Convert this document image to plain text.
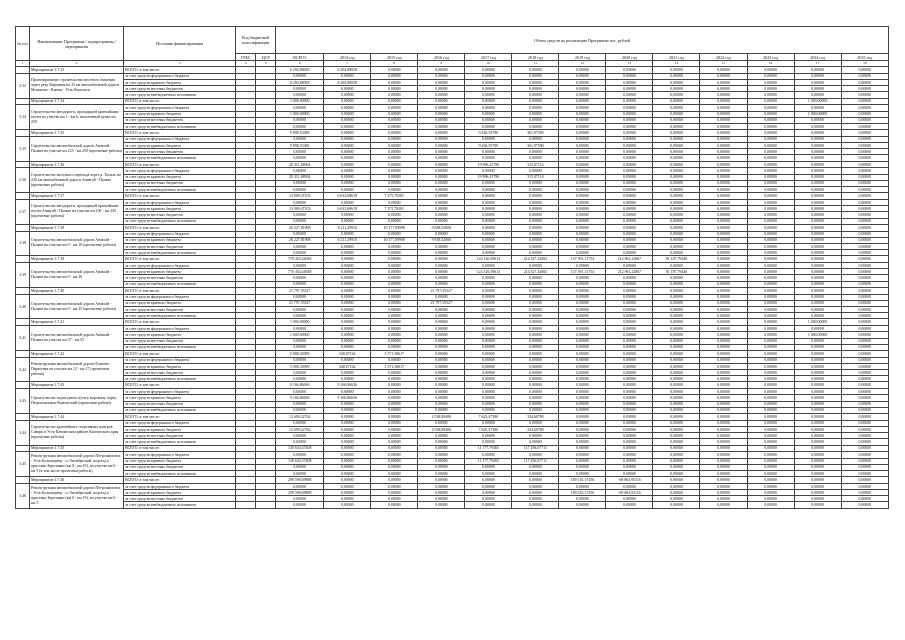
№ п/п	Наименование Программы / подпрограммы / мероприятия	Источник финансирования	Код бюджетной классификации		Объем средств на реализацию Программы тыс. рублей												
			ГРБС	ЦСР	ВСЕГО	2014 год	2015 год	2016 год	2017 год	2018 год	2019 год	2020 год	2021 год	2022 год	2023 год	2024 год	2025 год
1	2	3	4	5	6	7	8	9	10	11	12	13	14	15	16	17	18
	Мероприятие 1.7.32	ВСЕГО, в том числе:			6 294,88058	6 294,88058	0,00000	0,00000	0,00000	0,00000	0,00000	0,00000	0,00000	0,00000	0,00000	0,00000	0,00000
3.32	Проектирование строительства местного значения через реку Кирганик на 35 км автомобильной дороги Мильково - Ключи - Усть-Камчатск	за счет средств федерального бюджета			0,00000	0,00000	0,00000	0,00000	0,00000	0,00000	0,00000	0,00000	0,00000	0,00000	0,00000	0,00000	0,00000
		за счет средств краевого бюджета			6 294,88058	6 294,88058	0,00000	0,00000	0,00000	0,00000	0,00000	0,00000	0,00000	0,00000	0,00000	0,00000	0,00000
		за счет средств местных бюджетов			0,00000	0,00000	0,00000	0,00000	0,00000	0,00000	0,00000	0,00000	0,00000	0,00000	0,00000	0,00000	0,00000
		за счет средств внебюджетных источников			0,00000	0,00000	0,00000	0,00000	0,00000	0,00000	0,00000	0,00000	0,00000	0,00000	0,00000	0,00000	0,00000
	Мероприятие 1.7.34	ВСЕГО, в том числе:			1 000,00000	0,00000	0,00000	0,00000	0,00000	0,00000	0,00000	0,00000	0,00000	0,00000	0,00000	1 000,00000	0,00000
3.34	Строительство автодороги, проходящей кратчайшим путем на участке км 1 - км 6, населенный пункт км 250	за счет средств федерального бюджета			0,00000	0,00000	0,00000	0,00000	0,00000	0,00000	0,00000	0,00000	0,00000	0,00000	0,00000	0,00000	0,00000
		за счет средств краевого бюджета			1 000,00000	0,00000	0,00000	0,00000	0,00000	0,00000	0,00000	0,00000	0,00000	0,00000	0,00000	1 000,00000	0,00000
		за счет средств местных бюджетов			0,00000	0,00000	0,00000	0,00000	0,00000	0,00000	0,00000	0,00000	0,00000	0,00000	0,00000	0,00000	0,00000
		за счет средств внебюджетных источников			0,00000	0,00000	0,00000	0,00000	0,00000	0,00000	0,00000	0,00000	0,00000	0,00000	0,00000	0,00000	0,00000
	Мероприятие 1.7.35	ВСЕГО, в том числе:			9 898,53380	0,00000	0,00000	0,00000	9 436,55790	361,97590	0,00000	0,00000	0,00000	0,00000	0,00000	0,00000	0,00000
3.35	Строительство автомобильной дороги Анавгай - Палана на участке км 225 - км 250 (проектные работы)	за счет средств федерального бюджета			0,00000	0,00000	0,00000	0,00000	0,00000	0,00000	0,00000	0,00000	0,00000	0,00000	0,00000	0,00000	0,00000
		за счет средств краевого бюджета			9 898,53380	0,00000	0,00000	0,00000	9 436,55790	361,97590	0,00000	0,00000	0,00000	0,00000	0,00000	0,00000	0,00000
		за счет средств местных бюджетов			0,00000	0,00000	0,00000	0,00000	0,00000	0,00000	0,00000	0,00000	0,00000	0,00000	0,00000	0,00000	0,00000
		за счет средств внебюджетных источников			0,00000	0,00000	0,00000	0,00000	0,00000	0,00000	0,00000	0,00000	0,00000	0,00000	0,00000	0,00000	0,00000
	Мероприятие 1.7.36	ВСЕГО, в том числе:			20 311,48904	0,00000	0,00000	0,00000	19 996,41790	315,07114	0,00000	0,00000	0,00000	0,00000	0,00000	0,00000	0,00000
3.36	Строительство мостового перехода через р. Тигиль на 226 км автомобильной дороги Анавгай - Палана (проектные работы)	за счет средств федерального бюджета			0,00000	0,00000	0,00000	0,00000	0,00000	0,00000	0,00000	0,00000	0,00000	0,00000	0,00000	0,00000	0,00000
		за счет средств краевого бюджета			20 311,48904	0,00000	0,00000	0,00000	19 996,41790	315,07114	0,00000	0,00000	0,00000	0,00000	0,00000	0,00000	0,00000
		за счет средств местных бюджетов			0,00000	0,00000	0,00000	0,00000	0,00000	0,00000	0,00000	0,00000	0,00000	0,00000	0,00000	0,00000	0,00000
		за счет средств внебюджетных источников			0,00000	0,00000	0,00000	0,00000	0,00000	0,00000	0,00000	0,00000	0,00000	0,00000	0,00000	0,00000	0,00000
	Мероприятие 1.7.37	ВСЕГО, в том числе:			13 909,47103	6 633,68619	7 275,78281	0,00000	0,00000	0,00000	0,00000	0,00000	0,00000	0,00000	0,00000	0,00000	0,00000
3.37	Строительство автодороги, проходящей кратчайшим путем Анавгай - Палана на участке км 230 - км 245 (проектные работы)	за счет средств федерального бюджета			0,00000	0,00000	0,00000	0,00000	0,00000	0,00000	0,00000	0,00000	0,00000	0,00000	0,00000	0,00000	0,00000
		за счет средств краевого бюджета			13 909,47103	6 633,68619	7 275,78281	0,00000	0,00000	0,00000	0,00000	0,00000	0,00000	0,00000	0,00000	0,00000	0,00000
		за счет средств местных бюджетов			0,00000	0,00000	0,00000	0,00000	0,00000	0,00000	0,00000	0,00000	0,00000	0,00000	0,00000	0,00000	0,00000
		за счет средств внебюджетных источников			0,00000	0,00000	0,00000	0,00000	0,00000	0,00000	0,00000	0,00000	0,00000	0,00000	0,00000	0,00000	0,00000
	Мероприятие 1.7.38	ВСЕГО, в том числе:			26 227,81908	6 211,29910	10 177,09998	9 838,52000	0,00000	0,00000	0,00000	0,00000	0,00000	0,00000	0,00000	0,00000	0,00000
3.38	Строительство автомобильной дороги Анавгай - Палана на участке км 0 - км 10 (проектные работы)	за счет средств федерального бюджета			0,00000	0,00000	0,00000	0,00000	0,00000	0,00000	0,00000	0,00000	0,00000	0,00000	0,00000	0,00000	0,00000
		за счет средств краевого бюджета			26 227,81908	6 211,29910	10 177,09998	9 838,52000	0,00000	0,00000	0,00000	0,00000	0,00000	0,00000	0,00000	0,00000	0,00000
		за счет средств местных бюджетов			0,00000	0,00000	0,00000	0,00000	0,00000	0,00000	0,00000	0,00000	0,00000	0,00000	0,00000	0,00000	0,00000
		за счет средств внебюджетных источников			0,00000	0,00000	0,00000	0,00000	0,00000	0,00000	0,00000	0,00000	0,00000	0,00000	0,00000	0,00000	0,00000
	Мероприятие 1.7.39	ВСЕГО, в том числе:			770 454,44948	0,00000	0,00000	0,00000	124 126,59613	214 327,32082	137 391,11754	212 961,22867	81 187,79440	0,00000	0,00000	0,00000	0,00000
3.39	Строительство автомобильной дороги Анавгай - Палана на участке км 0 - км 36	за счет средств федерального бюджета			0,00000	0,00000	0,00000	0,00000	0,00000	0,00000	0,00000	0,00000	0,00000	0,00000	0,00000	0,00000	0,00000
		за счет средств краевого бюджета			770 454,44948	0,00000	0,00000	0,00000	124 126,59613	214 327,32082	137 391,11754	212 961,22867	81 187,79440	0,00000	0,00000	0,00000	0,00000
		за счет средств местных бюджетов			0,00000	0,00000	0,00000	0,00000	0,00000	0,00000	0,00000	0,00000	0,00000	0,00000	0,00000	0,00000	0,00000
		за счет средств внебюджетных источников			0,00000	0,00000	0,00000	0,00000	0,00000	0,00000	0,00000	0,00000	0,00000	0,00000	0,00000	0,00000	0,00000
	Мероприятие 1.7.40	ВСЕГО, в том числе:			21 797,55527	0,00000	0,00000	21 797,55527	0,00000	0,00000	0,00000	0,00000	0,00000	0,00000	0,00000	0,00000	0,00000
3.40	Строительство автомобильной дороги Анавгай - Палана на участке км 0 - км 35 (проектные работы)	за счет средств федерального бюджета			0,00000	0,00000	0,00000	0,00000	0,00000	0,00000	0,00000	0,00000	0,00000	0,00000	0,00000	0,00000	0,00000
		за счет средств краевого бюджета			21 797,55527	0,00000	0,00000	21 797,55527	0,00000	0,00000	0,00000	0,00000	0,00000	0,00000	0,00000	0,00000	0,00000
		за счет средств местных бюджетов			0,00000	0,00000	0,00000	0,00000	0,00000	0,00000	0,00000	0,00000	0,00000	0,00000	0,00000	0,00000	0,00000
		за счет средств внебюджетных источников			0,00000	0,00000	0,00000	0,00000	0,00000	0,00000	0,00000	0,00000	0,00000	0,00000	0,00000	0,00000	0,00000
	Мероприятие 1.7.41	ВСЕГО, в том числе:			1 000,00000	0,00000	0,00000	0,00000	0,00000	0,00000	0,00000	0,00000	0,00000	0,00000	0,00000	1 000,00000	0,00000
3.41	Строительство автомобильной дороги Анавгай - Палана на участке км 37 - км 55	за счет средств федерального бюджета			0,00000	0,00000	0,00000	0,00000	0,00000	0,00000	0,00000	0,00000	0,00000	0,00000	0,00000	0,00000	0,00000
		за счет средств краевого бюджета			1 000,00000	0,00000	0,00000	0,00000	0,00000	0,00000	0,00000	0,00000	0,00000	0,00000	0,00000	1 000,00000	0,00000
		за счет средств местных бюджетов			0,00000	0,00000	0,00000	0,00000	0,00000	0,00000	0,00000	0,00000	0,00000	0,00000	0,00000	0,00000	0,00000
		за счет средств внебюджетных источников			0,00000	0,00000	0,00000	0,00000	0,00000	0,00000	0,00000	0,00000	0,00000	0,00000	0,00000	0,00000	0,00000
	Мероприятие 1.7.42	ВСЕГО, в том числе:			5 908,33099	348,87162	5 571,38617	0,00000	0,00000	0,00000	0,00000	0,00000	0,00000	0,00000	0,00000	0,00000	0,00000
3.42	Реконструкция автомобильной дороги Елизово - Паратунка на участке км 12 - км 17 (проектные работы)	за счет средств федерального бюджета			0,00000	0,00000	0,00000	0,00000	0,00000	0,00000	0,00000	0,00000	0,00000	0,00000	0,00000	0,00000	0,00000
		за счет средств краевого бюджета			5 908,33099	348,87162	5 571,38617	0,00000	0,00000	0,00000	0,00000	0,00000	0,00000	0,00000	0,00000	0,00000	0,00000
		за счет средств местных бюджетов			0,00000	0,00000	0,00000	0,00000	0,00000	0,00000	0,00000	0,00000	0,00000	0,00000	0,00000	0,00000	0,00000
		за счет средств внебюджетных источников			0,00000	0,00000	0,00000	0,00000	0,00000	0,00000	0,00000	0,00000	0,00000	0,00000	0,00000	0,00000	0,00000
	Мероприятие 1.7.43	ВСЕГО, в том числе:			9 166,86636	9 166,86636	0,00000	0,00000	0,00000	0,00000	0,00000	0,00000	0,00000	0,00000	0,00000	0,00000	0,00000
3.43	Строительство подъездного пути к морскому порту Петропавловск-Камчатский (проектные работы)	за счет средств федерального бюджета			0,00000	0,00000	0,00000	0,00000	0,00000	0,00000	0,00000	0,00000	0,00000	0,00000	0,00000	0,00000	0,00000
		за счет средств краевого бюджета			9 166,86636	9 166,86636	0,00000	0,00000	0,00000	0,00000	0,00000	0,00000	0,00000	0,00000	0,00000	0,00000	0,00000
		за счет средств местных бюджетов			0,00000	0,00000	0,00000	0,00000	0,00000	0,00000	0,00000	0,00000	0,00000	0,00000	0,00000	0,00000	0,00000
		за счет средств внебюджетных источников			0,00000	0,00000	0,00000	0,00000	0,00000	0,00000	0,00000	0,00000	0,00000	0,00000	0,00000	0,00000	0,00000
	Мероприятие 1.7.44	ВСЕГО, в том числе:			12 699,22762	0,00000	0,00000	4 538,89408	7 625,47580	334,60780	0,00000	0,00000	0,00000	0,00000	0,00000	0,00000	0,00000
3.44	Строительство крупнейших спортивных центров Сиворк в Усть-Камчатском районе Камчатского края (проектные работы)	за счет средств федерального бюджета			0,00000	0,00000	0,00000	0,00000	0,00000	0,00000	0,00000	0,00000	0,00000	0,00000	0,00000	0,00000	0,00000
		за счет средств краевого бюджета			12 699,22762	0,00000	0,00000	4 538,89408	7 625,47580	334,60780	0,00000	0,00000	0,00000	0,00000	0,00000	0,00000	0,00000
		за счет средств местных бюджетов			0,00000	0,00000	0,00000	0,00000	0,00000	0,00000	0,00000	0,00000	0,00000	0,00000	0,00000	0,00000	0,00000
		за счет средств внебюджетных источников			0,00000	0,00000	0,00000	0,00000	0,00000	0,00000	0,00000	0,00000	0,00000	0,00000	0,00000	0,00000	0,00000
	Мероприятие 1.7.45	ВСЕГО, в том числе:			130 634,37408	0,00000	0,00000	0,00000	11 177,79465	117 456,67711	0,00000	0,00000	0,00000	0,00000	0,00000	0,00000	0,00000
3.45	Реконструкция автомобильной дороги Петропавловск - Усть-Большерецк - п. Октябрьский, подъезд к пристани Березняки (км 0 - км 19), на участке км 0 - км 3 (в том числе проектные работы)	за счет средств федерального бюджета			0,00000	0,00000	0,00000	0,00000	0,00000	0,00000	0,00000	0,00000	0,00000	0,00000	0,00000	0,00000	0,00000
		за счет средств краевого бюджета			130 634,37408	0,00000	0,00000	0,00000	11 177,79465	117 456,67711	0,00000	0,00000	0,00000	0,00000	0,00000	0,00000	0,00000
		за счет средств местных бюджетов			0,00000	0,00000	0,00000	0,00000	0,00000	0,00000	0,00000	0,00000	0,00000	0,00000	0,00000	0,00000	0,00000
		за счет средств внебюджетных источников			0,00000	0,00000	0,00000	0,00000	0,00000	0,00000	0,00000	0,00000	0,00000	0,00000	0,00000	0,00000	0,00000
	Мероприятие 1.7.46	ВСЕГО, в том числе:			299 598,69888	0,00000	0,00000	0,00000	0,00000	0,00000	189 535,17456	-69 863,95116	0,00000	0,00000	0,00000	0,00000	0,00000
3.46	Реконструкция автомобильной дороги Петропавловск - Усть-Большерецк - п. Октябрьский, подъезд к пристани Березняки (км 0 - км 19), на участке км 0 - км 5	за счет средств федерального бюджета			0,00000	0,00000	0,00000	0,00000	0,00000	0,00000	0,00000	0,00000	0,00000	0,00000	0,00000	0,00000	0,00000
		за счет средств краевого бюджета			299 598,69888	0,00000	0,00000	0,00000	0,00000	0,00000	189 535,17456	-69 863,95116	0,00000	0,00000	0,00000	0,00000	0,00000
		за счет средств местных бюджетов			0,00000	0,00000	0,00000	0,00000	0,00000	0,00000	0,00000	0,00000	0,00000	0,00000	0,00000	0,00000	0,00000
		за счет средств внебюджетных источников			0,00000	0,00000	0,00000	0,00000	0,00000	0,00000	0,00000	0,00000	0,00000	0,00000	0,00000	0,00000	0,00000
